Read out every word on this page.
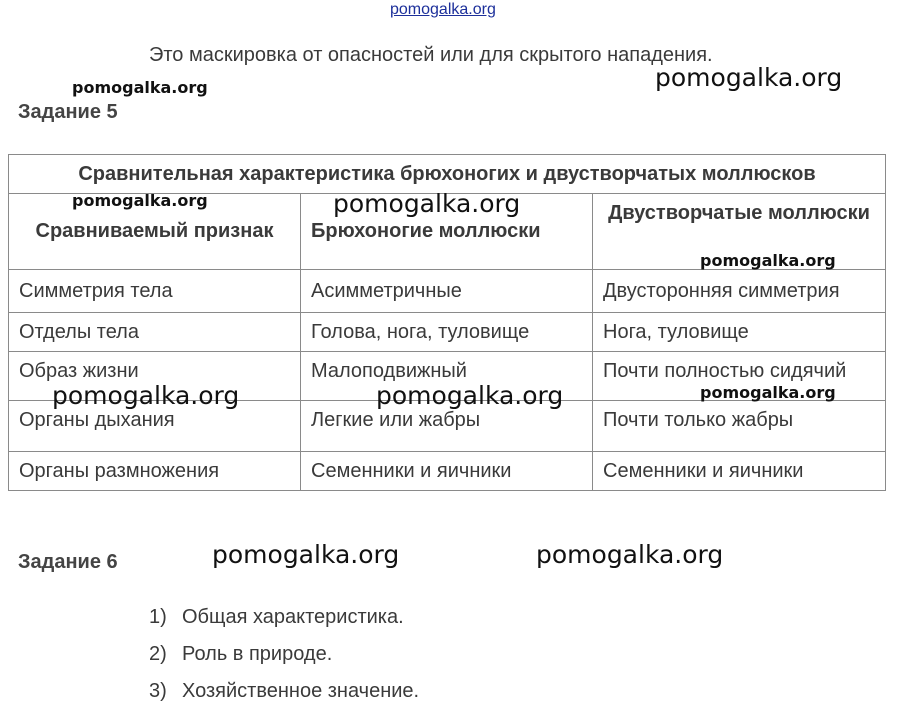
pomogalka.org
Это маскировка от опасностей или для скрытого нападения.
Задание 5
Сравнительная характеристика брюхоногих и двустворчатых моллюсков		
Сравниваемый признак	Брюхоногие моллюски	Двустворчатые моллюски
Симметрия тела	Асимметричные	Двусторонняя симметрия
Отделы тела	Голова, нога, туловище	Нога, туловище
Образ жизни	Малоподвижный	Почти полностью сидячий
Органы дыхания	Легкие или жабры	Почти только жабры
Органы размножения	Семенники и яичники	Семенники и яичники
Задание 6
1) Общая характеристика.
2) Роль в природе.
3) Хозяйственное значение.
pomogalka.org
pomogalka.org
pomogalka.org	pomogalka.org
pomogalka.org
pomogalka.org	pomogalka.org	pomogalka.org
pomogalka.org	pomogalka.org
